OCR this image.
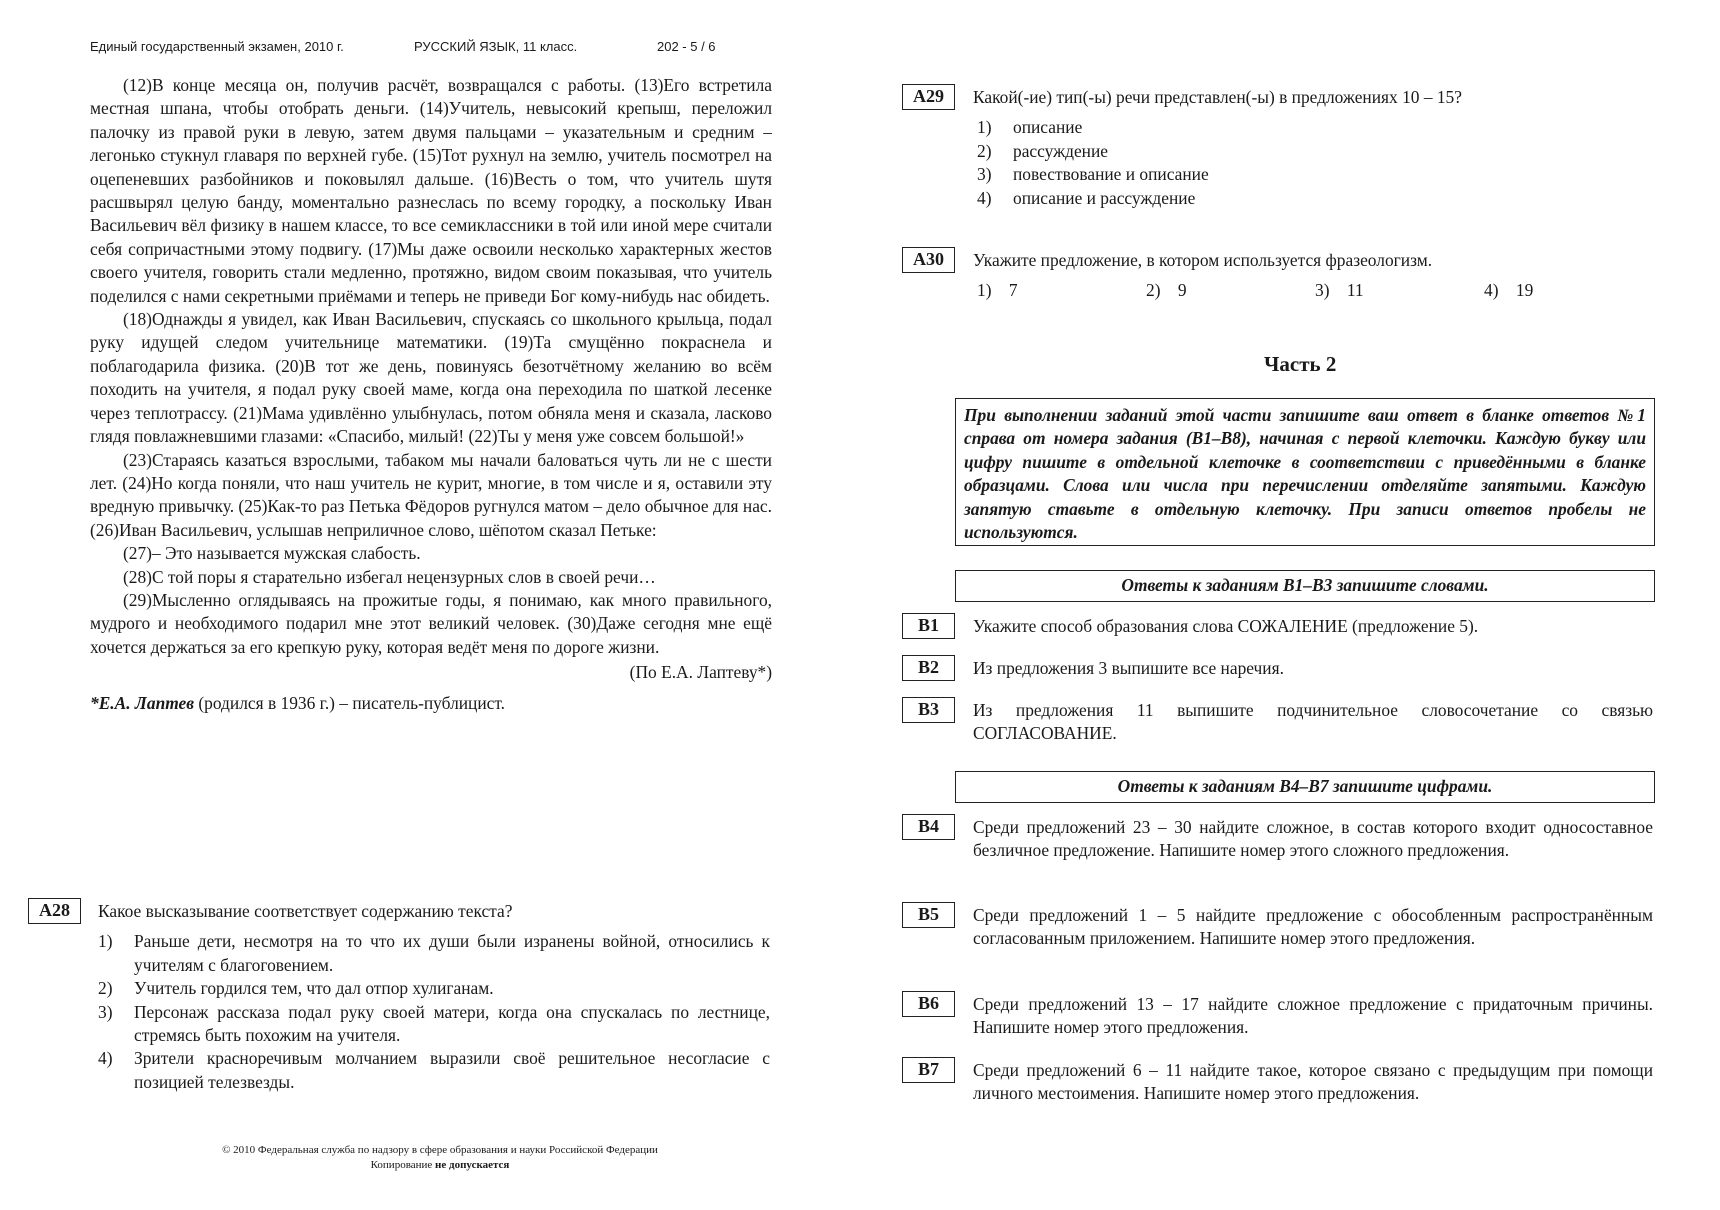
Единый государственный экзамен, 2010 г.	РУССКИЙ ЯЗЫК, 11 класс.	202 - 5 / 6

(12)В конце месяца он, получив расчёт, возвращался с работы. (13)Его встретила местная шпана, чтобы отобрать деньги. (14)Учитель, невысокий крепыш, переложил палочку из правой руки в левую, затем двумя пальцами – указательным и средним – легонько стукнул главаря по верхней губе. (15)Тот рухнул на землю, учитель посмотрел на оцепеневших разбойников и поковылял дальше. (16)Весть о том, что учитель шутя расшвырял целую банду, моментально разнеслась по всему городку, а поскольку Иван Васильевич вёл физику в нашем классе, то все семиклассники в той или иной мере считали себя сопричастными этому подвигу. (17)Мы даже освоили несколько характерных жестов своего учителя, говорить стали медленно, протяжно, видом своим показывая, что учитель поделился с нами секретными приёмами и теперь не приведи Бог кому-нибудь нас обидеть.

(18)Однажды я увидел, как Иван Васильевич, спускаясь со школьного крыльца, подал руку идущей следом учительнице математики. (19)Та смущённо покраснела и поблагодарила физика. (20)В тот же день, повинуясь безотчётному желанию во всём походить на учителя, я подал руку своей маме, когда она переходила по шаткой лесенке через теплотрассу. (21)Мама удивлённо улыбнулась, потом обняла меня и сказала, ласково глядя повлажневшими глазами: «Спасибо, милый! (22)Ты у меня уже совсем большой!»

(23)Стараясь казаться взрослыми, табаком мы начали баловаться чуть ли не с шести лет. (24)Но когда поняли, что наш учитель не курит, многие, в том числе и я, оставили эту вредную привычку. (25)Как-то раз Петька Фёдоров ругнулся матом – дело обычное для нас. (26)Иван Васильевич, услышав неприличное слово, шёпотом сказал Петьке:

(27)– Это называется мужская слабость.

(28)С той поры я старательно избегал нецензурных слов в своей речи…

(29)Мысленно оглядываясь на прожитые годы, я понимаю, как много правильного, мудрого и необходимого подарил мне этот великий человек. (30)Даже сегодня мне ещё хочется держаться за его крепкую руку, которая ведёт меня по дороге жизни.

(По Е.А. Лаптеву*)

*Е.А. Лаптев (родился в 1936 г.) – писатель-публицист.

A28	Какое высказывание соответствует содержанию текста?
1)	Раньше дети, несмотря на то что их души были изранены войной, относились к учителям с благоговением.
2)	Учитель гордился тем, что дал отпор хулиганам.
3)	Персонаж рассказа подал руку своей матери, когда она спускалась по лестнице, стремясь быть похожим на учителя.
4)	Зрители красноречивым молчанием выразили своё решительное несогласие с позицией телезвезды.
A29	Какой(-ие) тип(-ы) речи представлен(-ы) в предложениях 10 – 15?
1)	описание
2)	рассуждение
3)	повествование и описание
4)	описание и рассуждение
A30	Укажите предложение, в котором используется фразеологизм.
1)    7	2)    9	3)    11	4)    19
Часть 2
При выполнении заданий этой части запишите ваш ответ в бланке ответов №1 справа от номера задания (В1–В8), начиная с первой клеточки. Каждую букву или цифру пишите в отдельной клеточке в соответствии с приведёнными в бланке образцами. Слова или числа при перечислении отделяйте запятыми. Каждую запятую ставьте в отдельную клеточку. При записи ответов пробелы не используются.
Ответы к заданиям В1–В3 запишите словами.
B1	Укажите способ образования слова СОЖАЛЕНИЕ (предложение 5).
B2	Из предложения 3 выпишите все наречия.
B3	Из предложения 11 выпишите подчинительное словосочетание со связью СОГЛАСОВАНИЕ.
Ответы к заданиям В4–В7 запишите цифрами.
B4	Среди предложений 23 – 30 найдите сложное, в состав которого входит односоставное безличное предложение. Напишите номер этого сложного предложения.
B5	Среди предложений 1 – 5 найдите предложение с обособленным распространённым согласованным приложением. Напишите номер этого предложения.
B6	Среди предложений 13 – 17 найдите сложное предложение с придаточным причины. Напишите номер этого предложения.
B7	Среди предложений 6 – 11 найдите такое, которое связано с предыдущим при помощи личного местоимения. Напишите номер этого предложения.
© 2010 Федеральная служба по надзору в сфере образования и науки Российской Федерации
Копирование не допускается
